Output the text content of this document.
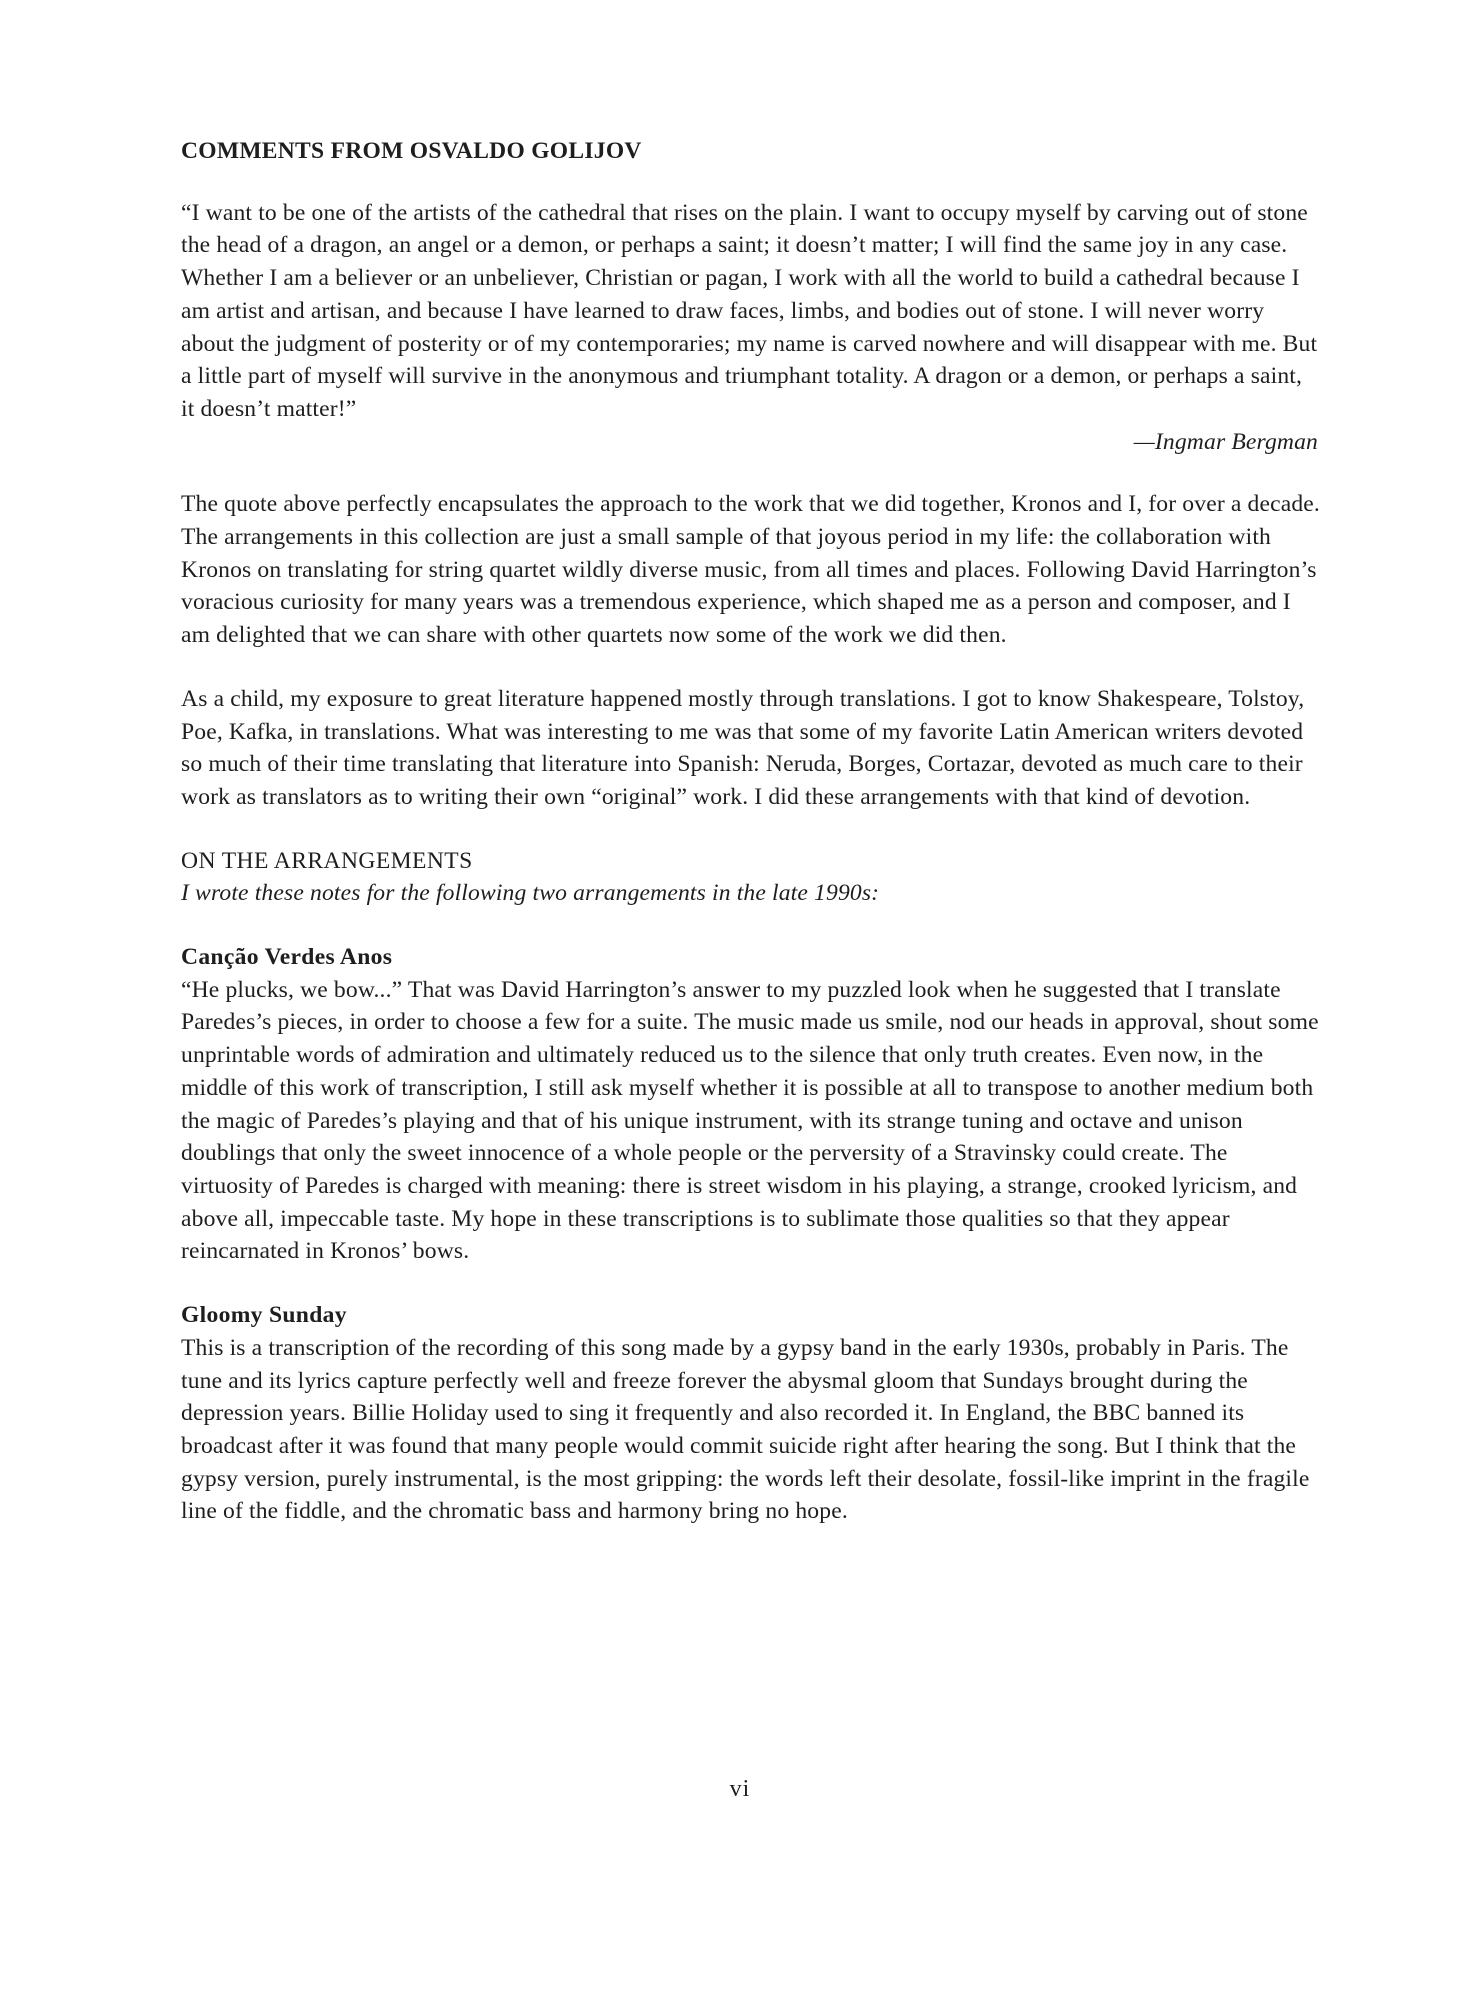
COMMENTS FROM OSVALDO GOLIJOV

“I want to be one of the artists of the cathedral that rises on the plain. I want to occupy myself by carving out of stone the head of a dragon, an angel or a demon, or perhaps a saint; it doesn’t matter; I will find the same joy in any case. Whether I am a believer or an unbeliever, Christian or pagan, I work with all the world to build a cathedral because I am artist and artisan, and because I have learned to draw faces, limbs, and bodies out of stone. I will never worry about the judgment of posterity or of my contemporaries; my name is carved nowhere and will disappear with me. But a little part of myself will survive in the anonymous and triumphant totality. A dragon or a demon, or perhaps a saint, it doesn’t matter!”

—Ingmar Bergman

The quote above perfectly encapsulates the approach to the work that we did together, Kronos and I, for over a decade. The arrangements in this collection are just a small sample of that joyous period in my life: the collaboration with Kronos on translating for string quartet wildly diverse music, from all times and places. Following David Harrington’s voracious curiosity for many years was a tremendous experience, which shaped me as a person and composer, and I am delighted that we can share with other quartets now some of the work we did then.

As a child, my exposure to great literature happened mostly through translations. I got to know Shakespeare, Tolstoy, Poe, Kafka, in translations. What was interesting to me was that some of my favorite Latin American writers devoted so much of their time translating that literature into Spanish: Neruda, Borges, Cortazar, devoted as much care to their work as translators as to writing their own “original” work. I did these arrangements with that kind of devotion.

ON THE ARRANGEMENTS

I wrote these notes for the following two arrangements in the late 1990s:

Canção Verdes Anos

“He plucks, we bow...” That was David Harrington’s answer to my puzzled look when he suggested that I translate Paredes’s pieces, in order to choose a few for a suite. The music made us smile, nod our heads in approval, shout some unprintable words of admiration and ultimately reduced us to the silence that only truth creates. Even now, in the middle of this work of transcription, I still ask myself whether it is possible at all to transpose to another medium both the magic of Paredes’s playing and that of his unique instrument, with its strange tuning and octave and unison doublings that only the sweet innocence of a whole people or the perversity of a Stravinsky could create. The virtuosity of Paredes is charged with meaning: there is street wisdom in his playing, a strange, crooked lyricism, and above all, impeccable taste. My hope in these transcriptions is to sublimate those qualities so that they appear reincarnated in Kronos’ bows.

Gloomy Sunday

This is a transcription of the recording of this song made by a gypsy band in the early 1930s, probably in Paris. The tune and its lyrics capture perfectly well and freeze forever the abysmal gloom that Sundays brought during the depression years. Billie Holiday used to sing it frequently and also recorded it. In England, the BBC banned its broadcast after it was found that many people would commit suicide right after hearing the song. But I think that the gypsy version, purely instrumental, is the most gripping: the words left their desolate, fossil-like imprint in the fragile line of the fiddle, and the chromatic bass and harmony bring no hope.

vi
